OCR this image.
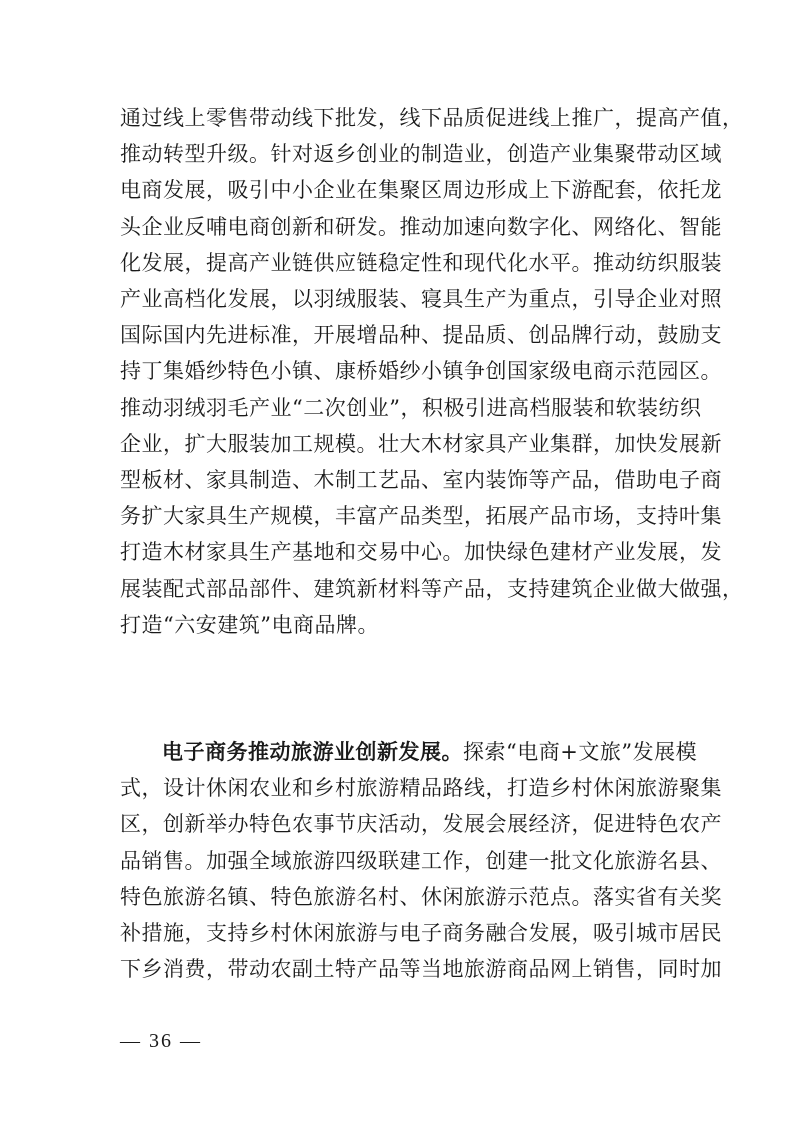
通过线上零售带动线下批发，线下品质促进线上推广，提高产值，
推动转型升级。针对返乡创业的制造业，创造产业集聚带动区域
电商发展，吸引中小企业在集聚区周边形成上下游配套，依托龙
头企业反哺电商创新和研发。推动加速向数字化、网络化、智能
化发展，提高产业链供应链稳定性和现代化水平。推动纺织服装
产业高档化发展，以羽绒服装、寝具生产为重点，引导企业对照
国际国内先进标准，开展增品种、提品质、创品牌行动，鼓励支
持丁集婚纱特色小镇、康桥婚纱小镇争创国家级电商示范园区。
推动羽绒羽毛产业“二次创业”，积极引进高档服装和软装纺织
企业，扩大服装加工规模。壮大木材家具产业集群，加快发展新
型板材、家具制造、木制工艺品、室内装饰等产品，借助电子商
务扩大家具生产规模，丰富产品类型，拓展产品市场，支持叶集
打造木材家具生产基地和交易中心。加快绿色建材产业发展，发
展装配式部品部件、建筑新材料等产品，支持建筑企业做大做强，
打造“六安建筑”电商品牌。
电子商务推动旅游业创新发展。探索“电商+文旅”发展模
式，设计休闲农业和乡村旅游精品路线，打造乡村休闲旅游聚集
区，创新举办特色农事节庆活动，发展会展经济，促进特色农产
品销售。加强全域旅游四级联建工作，创建一批文化旅游名县、
特色旅游名镇、特色旅游名村、休闲旅游示范点。落实省有关奖
补措施，支持乡村休闲旅游与电子商务融合发展，吸引城市居民
下乡消费，带动农副土特产品等当地旅游商品网上销售，同时加
— 36 —
